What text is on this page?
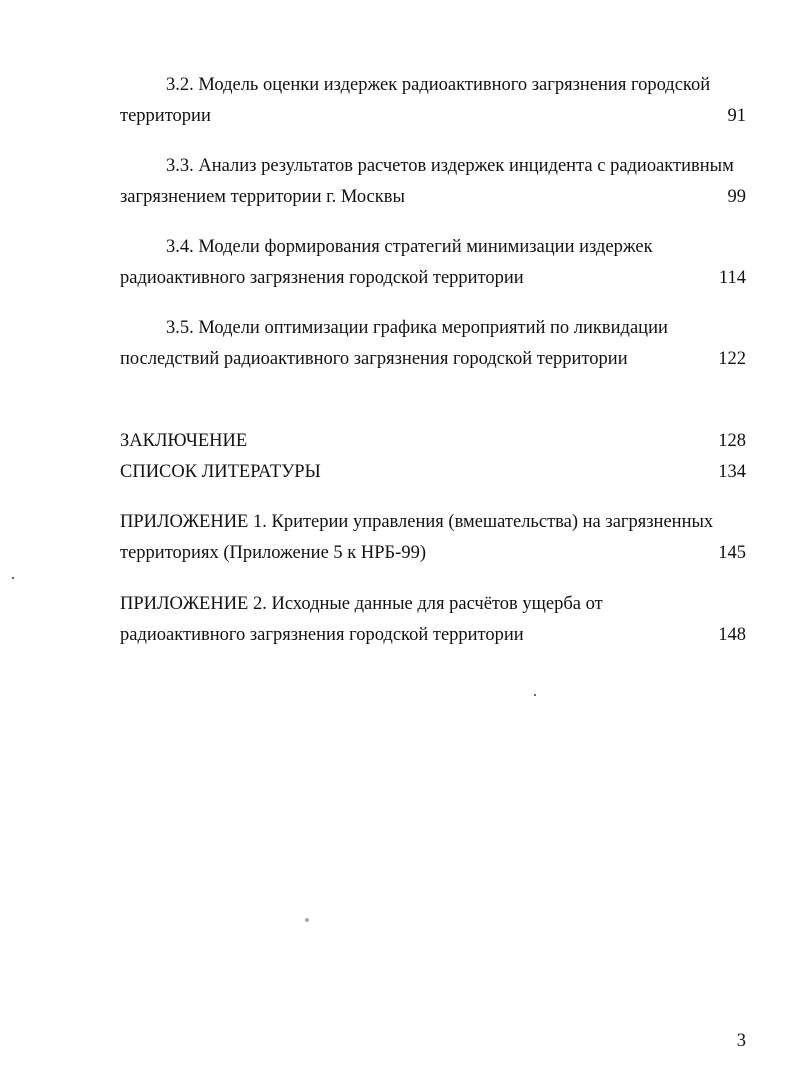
3.2. Модель оценки издержек радиоактивного загрязнения городской
территории	91
3.3. Анализ результатов расчетов издержек инцидента с радиоактивным
загрязнением территории г. Москвы	99
3.4. Модели формирования стратегий минимизации издержек
радиоактивного загрязнения городской территории	114
3.5. Модели оптимизации графика мероприятий по ликвидации
последствий радиоактивного загрязнения городской территории	122
ЗАКЛЮЧЕНИЕ	128
СПИСОК ЛИТЕРАТУРЫ	134
ПРИЛОЖЕНИЕ 1. Критерии управления (вмешательства) на загрязненных
территориях (Приложение 5 к НРБ-99)	145
ПРИЛОЖЕНИЕ 2. Исходные данные для расчётов ущерба от
радиоактивного загрязнения городской территории	148
3
